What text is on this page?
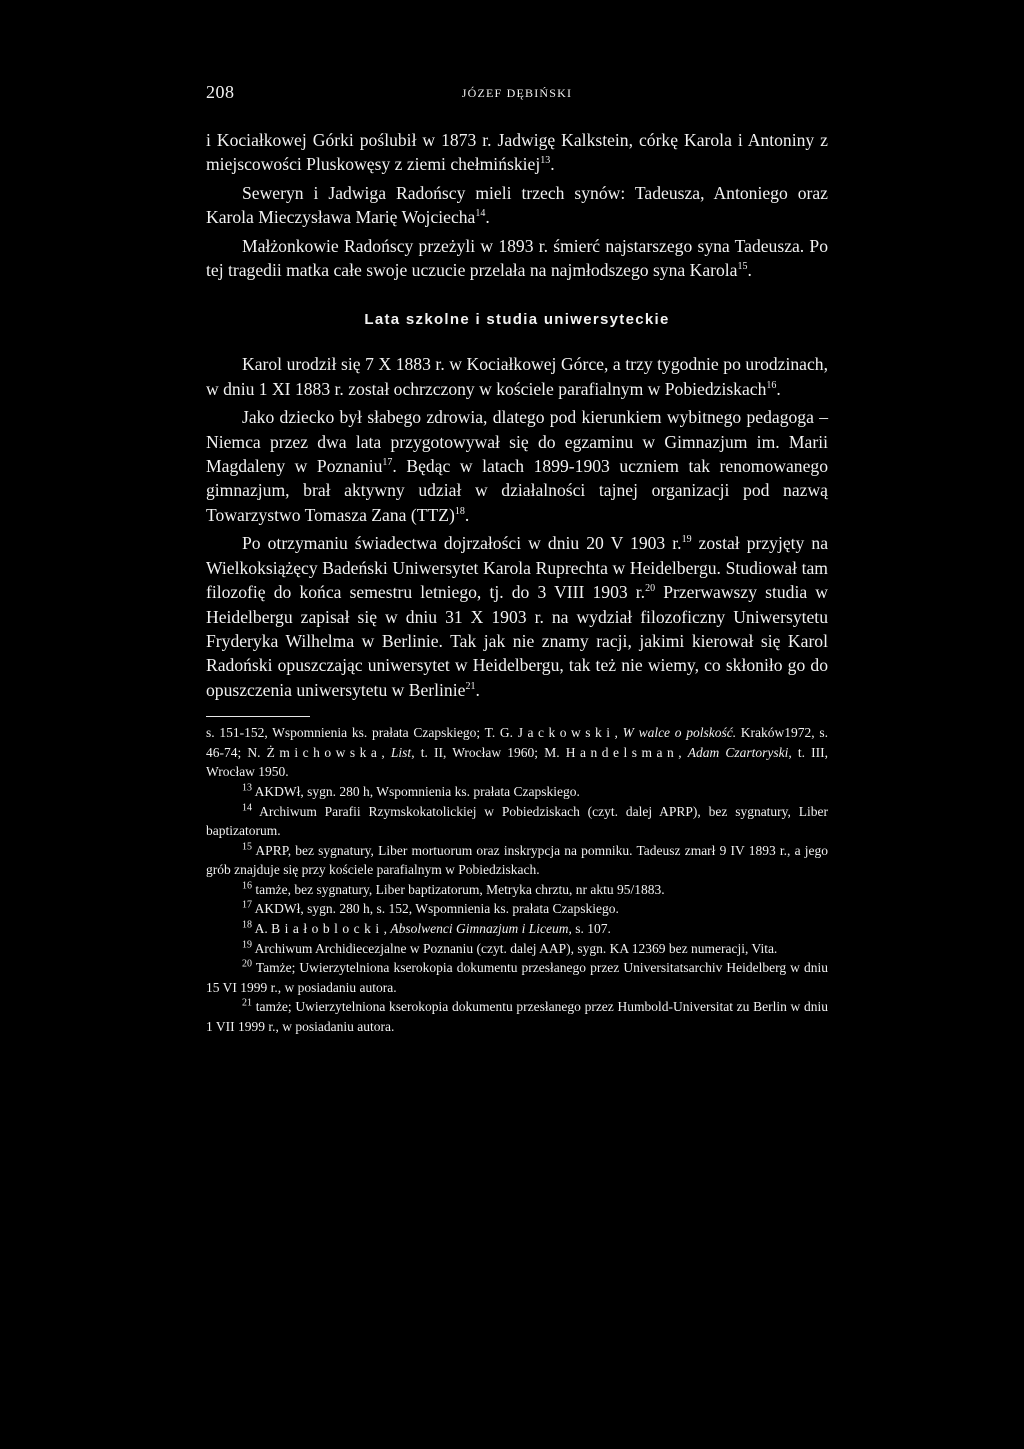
208	JÓZEF DĘBIŃSKI

i Kociałkowej Górki poślubił w 1873 r. Jadwigę Kalkstein, córkę Karola i Antoniny z miejscowości Pluskowęsy z ziemi chełmińskiej$^{13}$.

Seweryn i Jadwiga Radońscy mieli trzech synów: Tadeusza, Antoniego oraz Karola Mieczysława Marię Wojciecha$^{14}$.

Małżonkowie Radońscy przeżyli w 1893 r. śmierć najstarszego syna Tadeusza. Po tej tragedii matka całe swoje uczucie przelała na najmłodszego syna Karola$^{15}$.

Lata szkolne i studia uniwersyteckie

Karol urodził się 7 X 1883 r. w Kociałkowej Górce, a trzy tygodnie po urodzinach, w dniu 1 XI 1883 r. został ochrzczony w kościele parafialnym w Pobiedziskach$^{16}$.

Jako dziecko był słabego zdrowia, dlatego pod kierunkiem wybitnego pedagoga – Niemca przez dwa lata przygotowywał się do egzaminu w Gimnazjum im. Marii Magdaleny w Poznaniu$^{17}$. Będąc w latach 1899-1903 uczniem tak renomowanego gimnazjum, brał aktywny udział w działalności tajnej organizacji pod nazwą Towarzystwo Tomasza Zana (TTZ)$^{18}$.

Po otrzymaniu świadectwa dojrzałości w dniu 20 V 1903 r.$^{19}$ został przyjęty na Wielkoksiążęcy Badeński Uniwersytet Karola Ruprechta w Heidelbergu. Studiował tam filozofię do końca semestru letniego, tj. do 3 VIII 1903 r.$^{20}$ Przerwawszy studia w Heidelbergu zapisał się w dniu 31 X 1903 r. na wydział filozoficzny Uniwersytetu Fryderyka Wilhelma w Berlinie. Tak jak nie znamy racji, jakimi kierował się Karol Radoński opuszczając uniwersytet w Heidelbergu, tak też nie wiemy, co skłoniło go do opuszczenia uniwersytetu w Berlinie$^{21}$.

s. 151-152, Wspomnienia ks. prałata Czapskiego; T. G. Jackowski, W walce o polskość. Kraków1972, s. 46-74; N. Żmichowska, List, t. II, Wrocław 1960; M. Handelsman, Adam Czartoryski, t. III, Wrocław 1950.

$^{13}$ AKDWł, sygn. 280 h, Wspomnienia ks. prałata Czapskiego.

$^{14}$ Archiwum Parafii Rzymskokatolickiej w Pobiedziskach (czyt. dalej APRP), bez sygnatury, Liber baptizatorum.

$^{15}$ APRP, bez sygnatury, Liber mortuorum oraz inskrypcja na pomniku. Tadeusz zmarł 9 IV 1893 r., a jego grób znajduje się przy kościele parafialnym w Pobiedziskach.

$^{16}$ tamże, bez sygnatury, Liber baptizatorum, Metryka chrztu, nr aktu 95/1883.

$^{17}$ AKDWł, sygn. 280 h, s. 152, Wspomnienia ks. prałata Czapskiego.

$^{18}$ A. Białoblocki, Absolwenci Gimnazjum i Liceum, s. 107.

$^{19}$ Archiwum Archidiecezjalne w Poznaniu (czyt. dalej AAP), sygn. KA 12369 bez numeracji, Vita.

$^{20}$ Tamże; Uwierzytelniona kserokopia dokumentu przesłanego przez Universitatsarchiv Heidelberg w dniu 15 VI 1999 r., w posiadaniu autora.

$^{21}$ tamże; Uwierzytelniona kserokopia dokumentu przesłanego przez Humbold-Universitat zu Berlin w dniu 1 VII 1999 r., w posiadaniu autora.
